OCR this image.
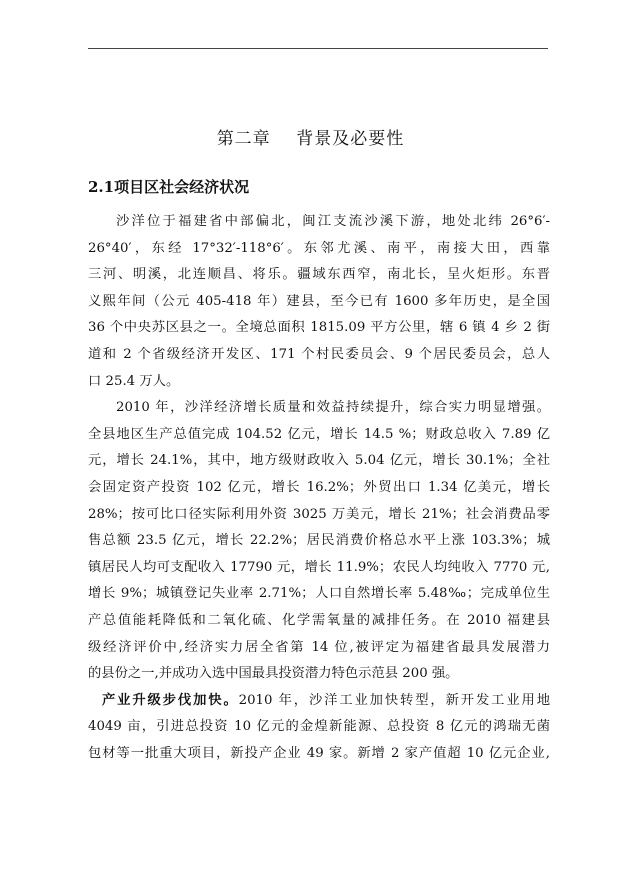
第二章    背景及必要性
2.1项目区社会经济状况
沙洋位于福建省中部偏北，闽江支流沙溪下游，地处北纬 26°6′-
26°40′，东经 17°32′-118°6′。东邻尤溪、南平，南接大田，西靠
三河、明溪，北连顺昌、将乐。疆域东西窄，南北长，呈火炬形。东晋
义熙年间（公元 405-418 年）建县，至今已有 1600 多年历史，是全国
36 个中央苏区县之一。全境总面积 1815.09 平方公里，辖 6 镇 4 乡 2 街
道和 2 个省级经济开发区、171 个村民委员会、9 个居民委员会，总人
口 25.4 万人。
2010 年，沙洋经济增长质量和效益持续提升，综合实力明显增强。
全县地区生产总值完成 104.52 亿元，增长 14.5 %；财政总收入 7.89 亿
元，增长 24.1%，其中，地方级财政收入 5.04 亿元，增长 30.1%；全社
会固定资产投资 102 亿元，增长 16.2%；外贸出口 1.34 亿美元，增长
28%；按可比口径实际利用外资 3025 万美元，增长 21%；社会消费品零
售总额 23.5 亿元，增长 22.2%；居民消费价格总水平上涨 103.3%；城
镇居民人均可支配收入 17790 元，增长 11.9%；农民人均纯收入 7770 元,
增长 9%；城镇登记失业率 2.71%；人口自然增长率 5.48‰；完成单位生
产总值能耗降低和二氧化硫、化学需氧量的减排任务。在 2010 福建县
级经济评价中,经济实力居全省第 14 位,被评定为福建省最具发展潜力
的县份之一,并成功入选中国最具投资潜力特色示范县 200 强。
产业升级步伐加快。2010 年，沙洋工业加快转型，新开发工业用地
4049 亩，引进总投资 10 亿元的金煌新能源、总投资 8 亿元的鸿瑞无菌
包材等一批重大项目，新投产企业 49 家。新增 2 家产值超 10 亿元企业,
